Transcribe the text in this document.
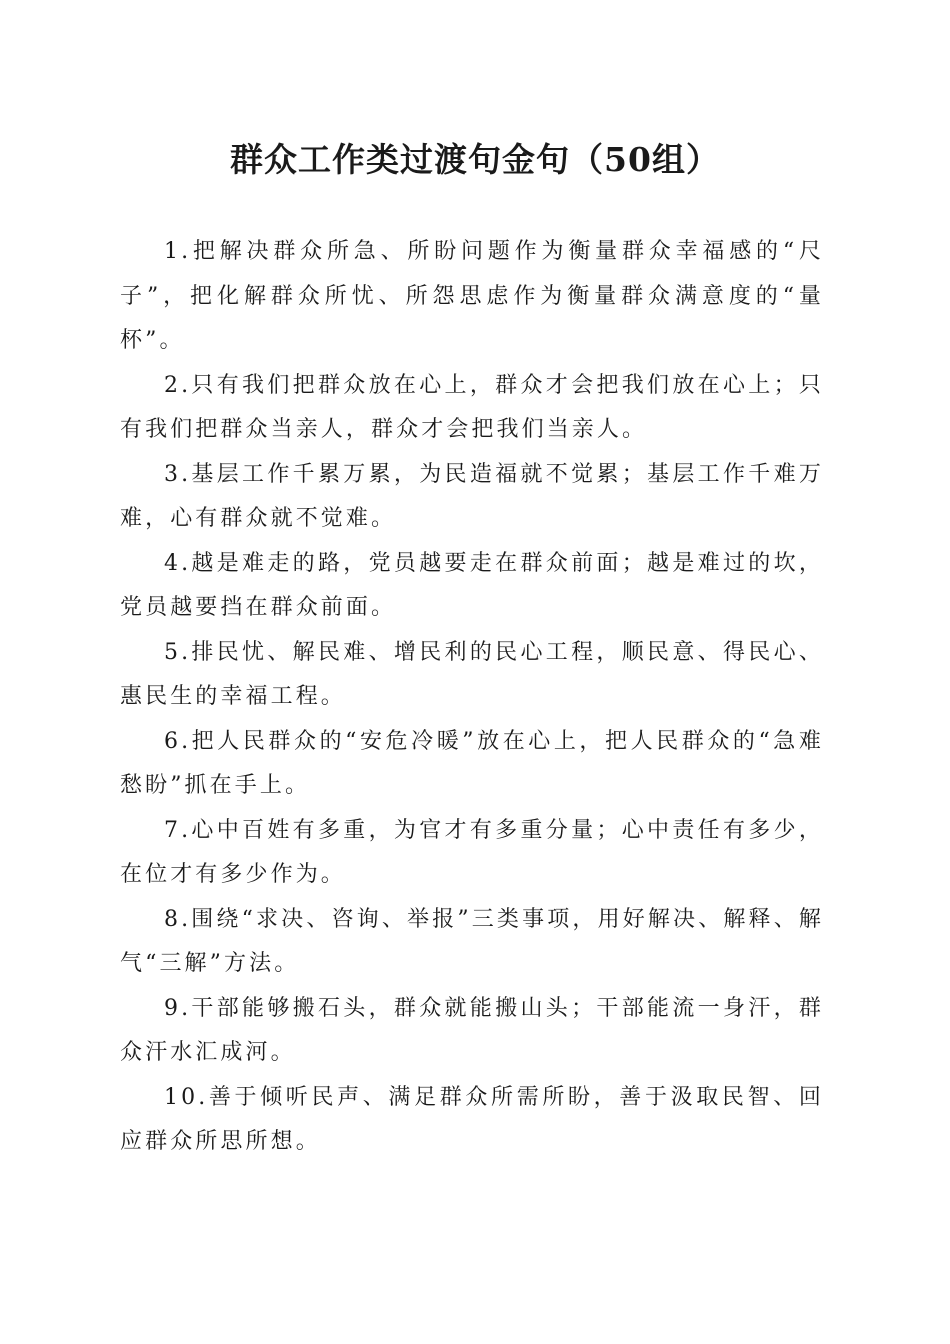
群众工作类过渡句金句（50组）

1.把解决群众所急、所盼问题作为衡量群众幸福感的“尺子”，把化解群众所忧、所怨思虑作为衡量群众满意度的“量杯”。

2.只有我们把群众放在心上，群众才会把我们放在心上；只有我们把群众当亲人，群众才会把我们当亲人。

3.基层工作千累万累，为民造福就不觉累；基层工作千难万难，心有群众就不觉难。

4.越是难走的路，党员越要走在群众前面；越是难过的坎，党员越要挡在群众前面。

5.排民忧、解民难、增民利的民心工程，顺民意、得民心、惠民生的幸福工程。

6.把人民群众的“安危冷暖”放在心上，把人民群众的“急难愁盼”抓在手上。

7.心中百姓有多重，为官才有多重分量；心中责任有多少，在位才有多少作为。

8.围绕“求决、咨询、举报”三类事项，用好解决、解释、解气“三解”方法。

9.干部能够搬石头，群众就能搬山头；干部能流一身汗，群众汗水汇成河。

10.善于倾听民声、满足群众所需所盼，善于汲取民智、回应群众所思所想。
